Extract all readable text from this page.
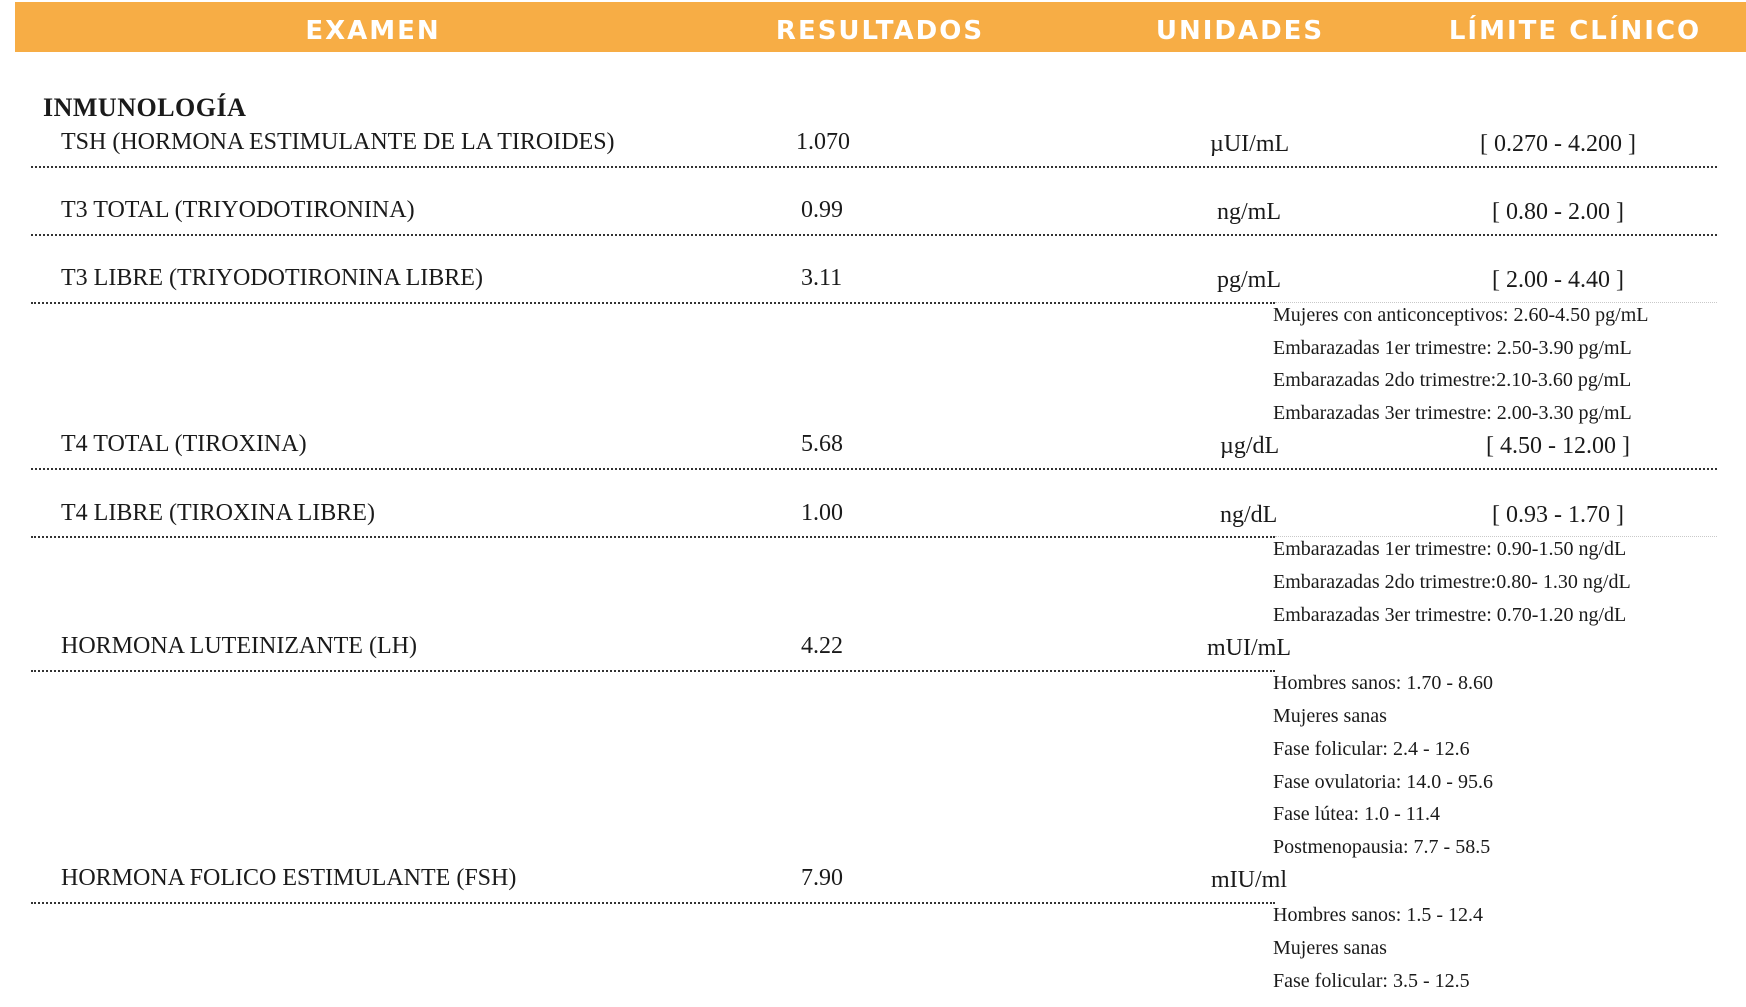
EXAMEN	RESULTADOS	UNIDADES	LÍMITE CLÍNICO
INMUNOLOGÍA
TSH (HORMONA ESTIMULANTE DE LA TIROIDES)	1.070	µUI/mL	[ 0.270 - 4.200 ]
T3 TOTAL (TRIYODOTIRONINA)	0.99	ng/mL	[ 0.80 - 2.00 ]
T3 LIBRE (TRIYODOTIRONINA LIBRE)	3.11	pg/mL	[ 2.00 - 4.40 ]
Mujeres con anticonceptivos: 2.60-4.50 pg/mL
Embarazadas 1er trimestre: 2.50-3.90 pg/mL
Embarazadas 2do trimestre:2.10-3.60 pg/mL
Embarazadas 3er trimestre: 2.00-3.30 pg/mL
T4 TOTAL (TIROXINA)	5.68	µg/dL	[ 4.50 - 12.00 ]
T4 LIBRE (TIROXINA LIBRE)	1.00	ng/dL	[ 0.93 - 1.70 ]
Embarazadas 1er trimestre: 0.90-1.50 ng/dL
Embarazadas 2do trimestre:0.80- 1.30 ng/dL
Embarazadas 3er trimestre: 0.70-1.20 ng/dL
HORMONA LUTEINIZANTE (LH)	4.22	mUI/mL
Hombres sanos: 1.70 - 8.60
Mujeres sanas
Fase folicular: 2.4 - 12.6
Fase ovulatoria: 14.0 - 95.6
Fase lútea: 1.0 - 11.4
Postmenopausia: 7.7 - 58.5
HORMONA FOLICO ESTIMULANTE (FSH)	7.90	mIU/ml
Hombres sanos: 1.5 - 12.4
Mujeres sanas
Fase folicular: 3.5 - 12.5
